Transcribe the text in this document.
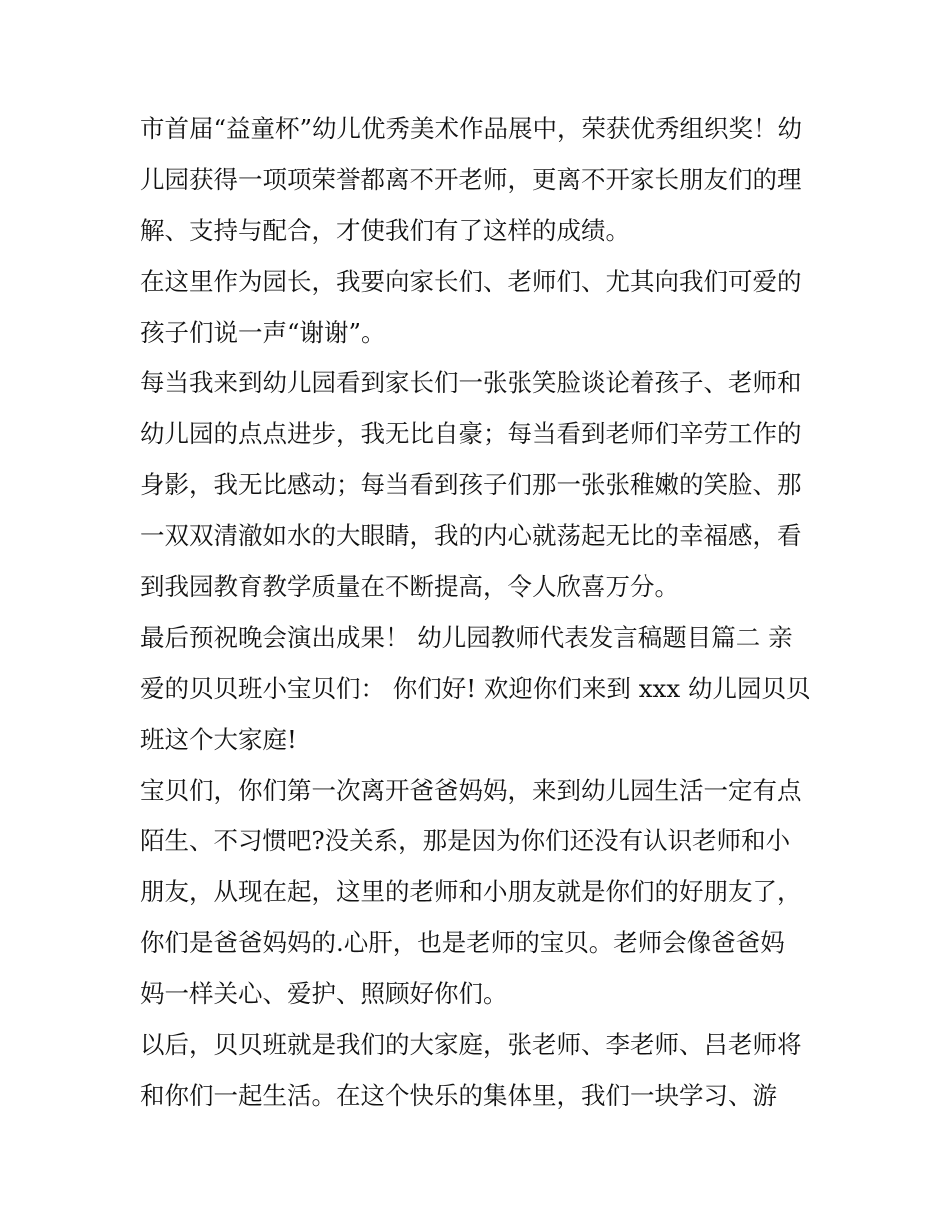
市首届“益童杯”幼儿优秀美术作品展中，荣获优秀组织奖！幼
儿园获得一项项荣誉都离不开老师，更离不开家长朋友们的理
解、支持与配合，才使我们有了这样的成绩。
在这里作为园长，我要向家长们、老师们、尤其向我们可爱的
孩子们说一声“谢谢”。
每当我来到幼儿园看到家长们一张张笑脸谈论着孩子、老师和
幼儿园的点点进步，我无比自豪；每当看到老师们辛劳工作的
身影，我无比感动；每当看到孩子们那一张张稚嫩的笑脸、那
一双双清澈如水的大眼睛，我的内心就荡起无比的幸福感，看
到我园教育教学质量在不断提高，令人欣喜万分。
最后预祝晚会演出成果！ 幼儿园教师代表发言稿题目篇二 亲
爱的贝贝班小宝贝们： 你们好! 欢迎你们来到 xxx 幼儿园贝贝
班这个大家庭!
宝贝们，你们第一次离开爸爸妈妈，来到幼儿园生活一定有点
陌生、不习惯吧?没关系，那是因为你们还没有认识老师和小
朋友，从现在起，这里的老师和小朋友就是你们的好朋友了，
你们是爸爸妈妈的.心肝，也是老师的宝贝。老师会像爸爸妈
妈一样关心、爱护、照顾好你们。
以后，贝贝班就是我们的大家庭，张老师、李老师、吕老师将
和你们一起生活。在这个快乐的集体里，我们一块学习、游
